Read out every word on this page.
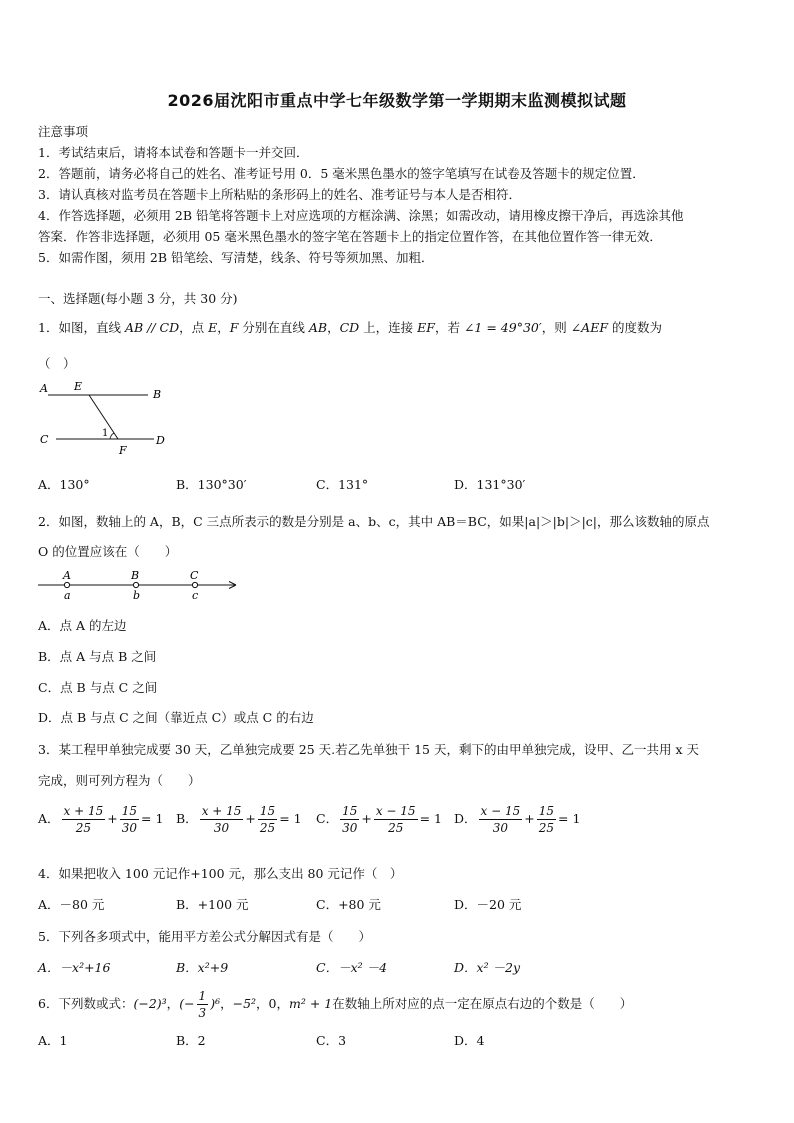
2026届沈阳市重点中学七年级数学第一学期期末监测模拟试题
注意事项
1．考试结束后，请将本试卷和答题卡一并交回．
2．答题前，请务必将自己的姓名、准考证号用 0．5 毫米黑色墨水的签字笔填写在试卷及答题卡的规定位置．
3．请认真核对监考员在答题卡上所粘贴的条形码上的姓名、准考证号与本人是否相符．
4．作答选择题，必须用 2B 铅笔将答题卡上对应选项的方框涂满、涂黑；如需改动，请用橡皮擦干净后，再选涂其他
答案．作答非选择题，必须用 05 毫米黑色墨水的签字笔在答题卡上的指定位置作答，在其他位置作答一律无效．
5．如需作图，须用 2B 铅笔绘、写清楚，线条、符号等须加黑、加粗．
一、选择题(每小题 3 分，共 30 分)
1．如图，直线 AB // CD，点 E，F 分别在直线 AB，CD 上，连接 EF，若 ∠1 = 49°30′，则 ∠AEF 的度数为
（　）
A E
B
C	1
D
F
A．130°	B．130°30′	C．131°	D．131°30′
2．如图，数轴上的 A，B，C 三点所表示的数是分别是 a、b、c，其中 AB＝BC，如果|a|＞|b|＞|c|，那么该数轴的原点
O 的位置应该在（　　）
A	B	C
a	b	c
A．点 A 的左边
B．点 A 与点 B 之间
C．点 B 与点 C 之间
D．点 B 与点 C 之间（靠近点 C）或点 C 的右边
3．某工程甲单独完成要 30 天，乙单独完成要 25 天.若乙先单独干 15 天，剩下的由甲单独完成，设甲、乙一共用 x 天
完成，则可列方程为（　　）
A． $\frac{x + 15}{25} + \frac{15}{30} = 1$ B． $\frac{x + 15}{30} + \frac{15}{25} = 1$ C． $\frac{15}{30} + \frac{x - 15}{25} = 1$ D． $\frac{x - 15}{30} + \frac{15}{25} = 1$
4．如果把收入 100 元记作+100 元，那么支出 80 元记作（　）
A．－80 元	B．+100 元	C．+80 元	D．－20 元
5．下列各多项式中，能用平方差公式分解因式有是（　　）
A．－x²+16	B．x²+9	C．－x² －4	D．x² －2y
6．下列数或式：(−2)³，(− $\frac{1}{3} )^6$，−5²，0，m² + 1在数轴上所对应的点一定在原点右边的个数是（　　）
A．1	B．2	C．3	D．4
